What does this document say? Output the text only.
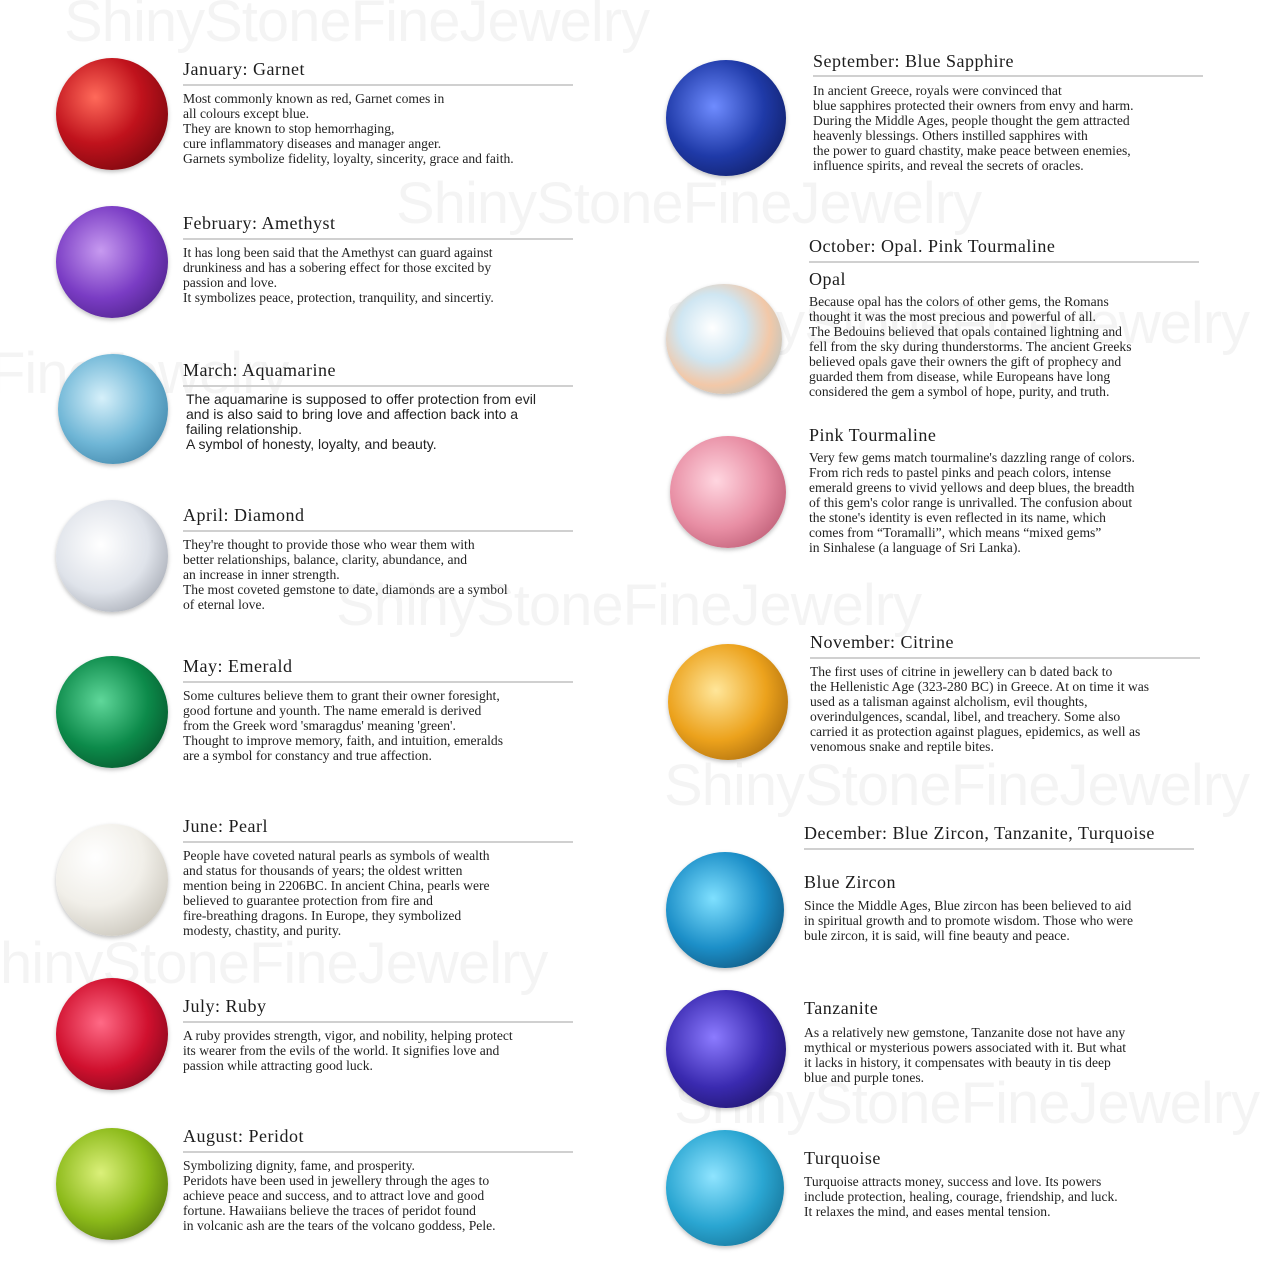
January: Garnet
Most commonly known as red, Garnet comes in
all colours except blue.
They are known to stop hemorrhaging,
cure inflammatory diseases and manager anger.
Garnets symbolize fidelity, loyalty, sincerity, grace and faith.
February: Amethyst
It has long been said that the Amethyst can guard against
drunkiness and has a sobering effect for those excited by
passion and love.
It symbolizes peace, protection, tranquility, and sincertiy.
March: Aquamarine
The aquamarine is supposed to offer protection from evil
and is also said to bring love and affection back into a
failing relationship.
A symbol of honesty, loyalty, and beauty.
April: Diamond
They're thought to provide those who wear them with
better relationships, balance, clarity, abundance, and
an increase in inner strength.
The most coveted gemstone to date, diamonds are a symbol
of eternal love.
May: Emerald
Some cultures believe them to grant their owner foresight,
good fortune and younth. The name emerald is derived
from the Greek word 'smaragdus' meaning 'green'.
Thought to improve memory, faith, and intuition, emeralds
are a symbol for constancy and true affection.
June: Pearl
People have coveted natural pearls as symbols of wealth
and status for thousands of years; the oldest written
mention being in 2206BC. In ancient China, pearls were
believed to guarantee protection from fire and
fire-breathing dragons. In Europe, they symbolized
modesty, chastity, and purity.
July: Ruby
A ruby provides strength, vigor, and nobility, helping protect
its wearer from the evils of the world. It signifies love and
passion while attracting good luck.
August: Peridot
Symbolizing dignity, fame, and prosperity.
Peridots have been used in jewellery through the ages to
achieve peace and success, and to attract love and good
fortune. Hawaiians believe the traces of peridot found
in volcanic ash are the tears of the volcano goddess, Pele.
September: Blue Sapphire
In ancient Greece, royals were convinced that
blue sapphires protected their owners from envy and harm.
During the Middle Ages, people thought the gem attracted
heavenly blessings. Others instilled sapphires with
the power to guard chastity, make peace between enemies,
influence spirits, and reveal the secrets of oracles.
October: Opal. Pink Tourmaline
Opal
Because opal has the colors of other gems, the Romans
thought it was the most precious and powerful of all.
The Bedouins believed that opals contained lightning and
fell from the sky during thunderstorms. The ancient Greeks
believed opals gave their owners the gift of prophecy and
guarded them from disease, while Europeans have long
considered the gem a symbol of hope, purity, and truth.
Pink Tourmaline
Very few gems match tourmaline's dazzling range of colors.
From rich reds to pastel pinks and peach colors, intense
emerald greens to vivid yellows and deep blues, the breadth
of this gem's color range is unrivalled. The confusion about
the stone's identity is even reflected in its name, which
comes from “Toramalli”, which means “mixed gems”
in Sinhalese (a language of Sri Lanka).
November: Citrine
The first uses of citrine in jewellery can b dated back to
the Hellenistic Age (323-280 BC) in Greece. At on time it was
used as a talisman against alcholism, evil thoughts,
overindulgences, scandal, libel, and treachery. Some also
carried it as protection against plagues, epidemics, as well as
venomous snake and reptile bites.
December: Blue Zircon, Tanzanite, Turquoise
Blue Zircon
Since the Middle Ages, Blue zircon has been believed to aid
in spiritual growth and to promote wisdom. Those who were
bule zircon, it is said, will fine beauty and peace.
Tanzanite
As a relatively new gemstone, Tanzanite dose not have any
mythical or mysterious powers associated with it. But what
it lacks in history, it compensates with beauty in tis deep
blue and purple tones.
Turquoise
Turquoise attracts money, success and love. Its powers
include protection, healing, courage, friendship, and luck.
It relaxes the mind, and eases mental tension.
